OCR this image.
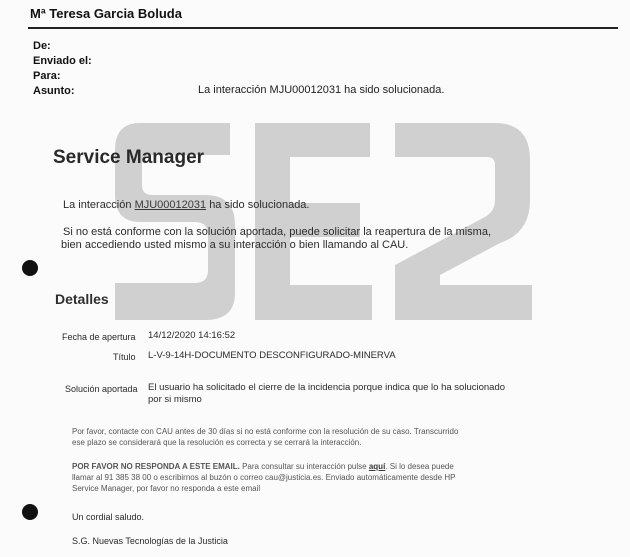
Mª Teresa Garcia Boluda
De:
Enviado el:
Para:
Asunto:	La interacción MJU00012031 ha sido solucionada.
Service Manager
La interacción MJU00012031 ha sido solucionada.
Si no está conforme con la solución aportada, puede solicitar la reapertura de la misma,
bien accediendo usted mismo a su interacción o bien llamando al CAU.
Detalles
Fecha de apertura 14/12/2020 14:16:52
Título L-V-9-14H-DOCUMENTO DESCONFIGURADO-MINERVA
Solución aportada El usuario ha solicitado el cierre de la incidencia porque indica que lo ha solucionado
por si mismo
Por favor, contacte con CAU antes de 30 días si no está conforme con la resolución de su caso. Transcurrido
ese plazo se considerará que la resolución es correcta y se cerrará la interacción.
POR FAVOR NO RESPONDA A ESTE EMAIL. Para consultar su interacción pulse aquí. Si lo desea puede
llamar al 91 385 38 00 o escribirnos al buzón o correo cau@justicia.es. Enviado automáticamente desde HP
Service Manager, por favor no responda a este email
Un cordial saludo.
S.G. Nuevas Tecnologías de la Justicia
